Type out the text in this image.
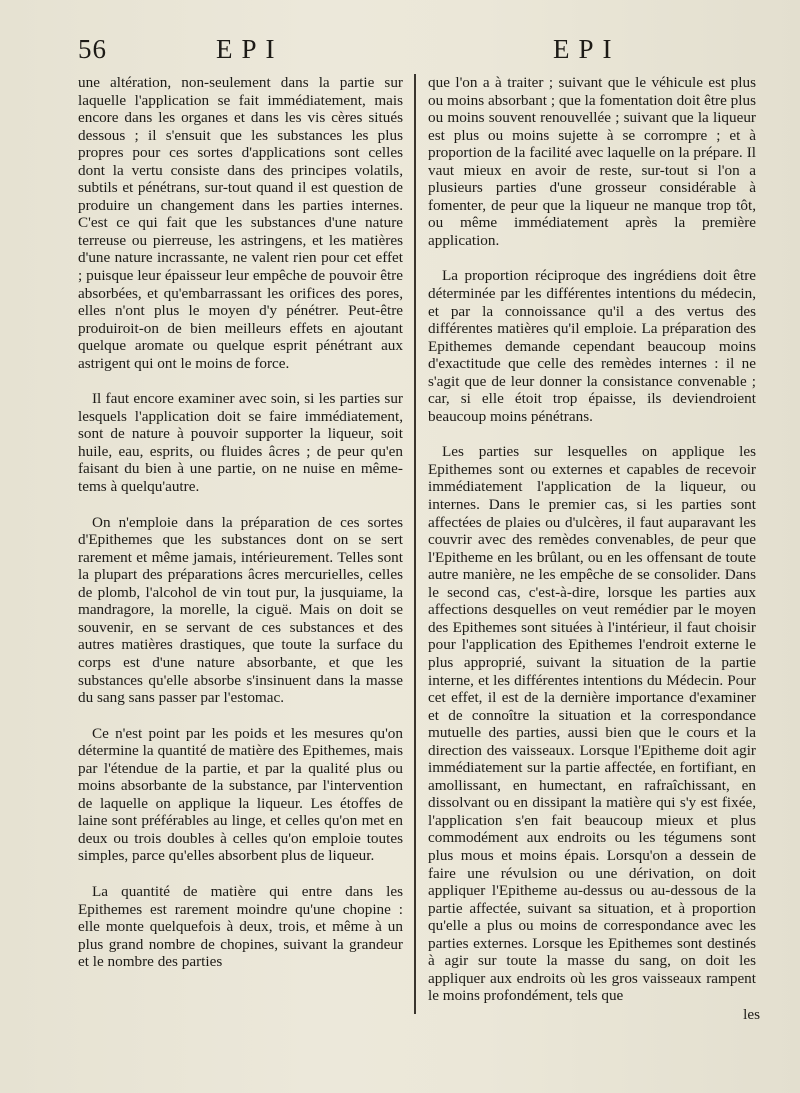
56	EPI	EPI

une altération, non-seulement dans la partie sur laquelle l'application se fait immédiatement, mais encore dans les organes et dans les vis cères situés dessous ; il s'ensuit que les substances les plus propres pour ces sortes d'applications sont celles dont la vertu consiste dans des principes volatils, subtils et pénétrans, sur-tout quand il est question de produire un changement dans les parties internes. C'est ce qui fait que les substances d'une nature terreuse ou pierreuse, les astringens, et les matières d'une nature incrassante, ne valent rien pour cet effet ; puisque leur épaisseur leur empêche de pouvoir être absorbées, et qu'embarrassant les orifices des pores, elles n'ont plus le moyen d'y pénétrer. Peut-être produiroit-on de bien meilleurs effets en ajoutant quelque aromate ou quelque esprit pénétrant aux astrigent qui ont le moins de force.

Il faut encore examiner avec soin, si les parties sur lesquels l'application doit se faire immédiatement, sont de nature à pouvoir supporter la liqueur, soit huile, eau, esprits, ou fluides âcres ; de peur qu'en faisant du bien à une partie, on ne nuise en même-tems à quelqu'autre.

On n'emploie dans la préparation de ces sortes d'Epithemes que les substances dont on se sert rarement et même jamais, intérieurement. Telles sont la plupart des préparations âcres mercurielles, celles de plomb, l'alcohol de vin tout pur, la jusquiame, la mandragore, la morelle, la ciguë. Mais on doit se souvenir, en se servant de ces substances et des autres matières drastiques, que toute la surface du corps est d'une nature absorbante, et que les substances qu'elle absorbe s'insinuent dans la masse du sang sans passer par l'estomac.

Ce n'est point par les poids et les mesures qu'on détermine la quantité de matière des Epithemes, mais par l'étendue de la partie, et par la qualité plus ou moins absorbante de la substance, par l'intervention de laquelle on applique la liqueur. Les étoffes de laine sont préférables au linge, et celles qu'on met en deux ou trois doubles à celles qu'on emploie toutes simples, parce qu'elles absorbent plus de liqueur.

La quantité de matière qui entre dans les Epithemes est rarement moindre qu'une chopine : elle monte quelquefois à deux, trois, et même à un plus grand nombre de chopines, suivant la grandeur et le nombre des parties

que l'on a à traiter ; suivant que le véhicule est plus ou moins absorbant ; que la fomentation doit être plus ou moins souvent renouvellée ; suivant que la liqueur est plus ou moins sujette à se corrompre ; et à proportion de la facilité avec laquelle on la prépare. Il vaut mieux en avoir de reste, sur-tout si l'on a plusieurs parties d'une grosseur considérable à fomenter, de peur que la liqueur ne manque trop tôt, ou même immédiatement après la première application.

La proportion réciproque des ingrédiens doit être déterminée par les différentes intentions du médecin, et par la connoissance qu'il a des vertus des différentes matières qu'il emploie. La préparation des Epithemes demande cependant beaucoup moins d'exactitude que celle des remèdes internes : il ne s'agit que de leur donner la consistance convenable ; car, si elle étoit trop épaisse, ils deviendroient beaucoup moins pénétrans.

Les parties sur lesquelles on applique les Epithemes sont ou externes et capables de recevoir immédiatement l'application de la liqueur, ou internes. Dans le premier cas, si les parties sont affectées de plaies ou d'ulcères, il faut auparavant les couvrir avec des remèdes convenables, de peur que l'Epitheme en les brûlant, ou en les offensant de toute autre manière, ne les empêche de se consolider. Dans le second cas, c'est-à-dire, lorsque les parties aux affections desquelles on veut remédier par le moyen des Epithemes sont situées à l'intérieur, il faut choisir pour l'application des Epithemes l'endroit externe le plus approprié, suivant la situation de la partie interne, et les différentes intentions du Médecin. Pour cet effet, il est de la dernière importance d'examiner et de connoître la situation et la correspondance mutuelle des parties, aussi bien que le cours et la direction des vaisseaux. Lorsque l'Epitheme doit agir immédiatement sur la partie affectée, en fortifiant, en amollissant, en humectant, en rafraîchissant, en dissolvant ou en dissipant la matière qui s'y est fixée, l'application s'en fait beaucoup mieux et plus commodément aux endroits ou les tégumens sont plus mous et moins épais. Lorsqu'on a dessein de faire une révulsion ou une dérivation, on doit appliquer l'Epitheme au-dessus ou au-dessous de la partie affectée, suivant sa situation, et à proportion qu'elle a plus ou moins de correspondance avec les parties externes. Lorsque les Epithemes sont destinés à agir sur toute la masse du sang, on doit les appliquer aux endroits où les gros vaisseaux rampent le moins profondément, tels que

les
